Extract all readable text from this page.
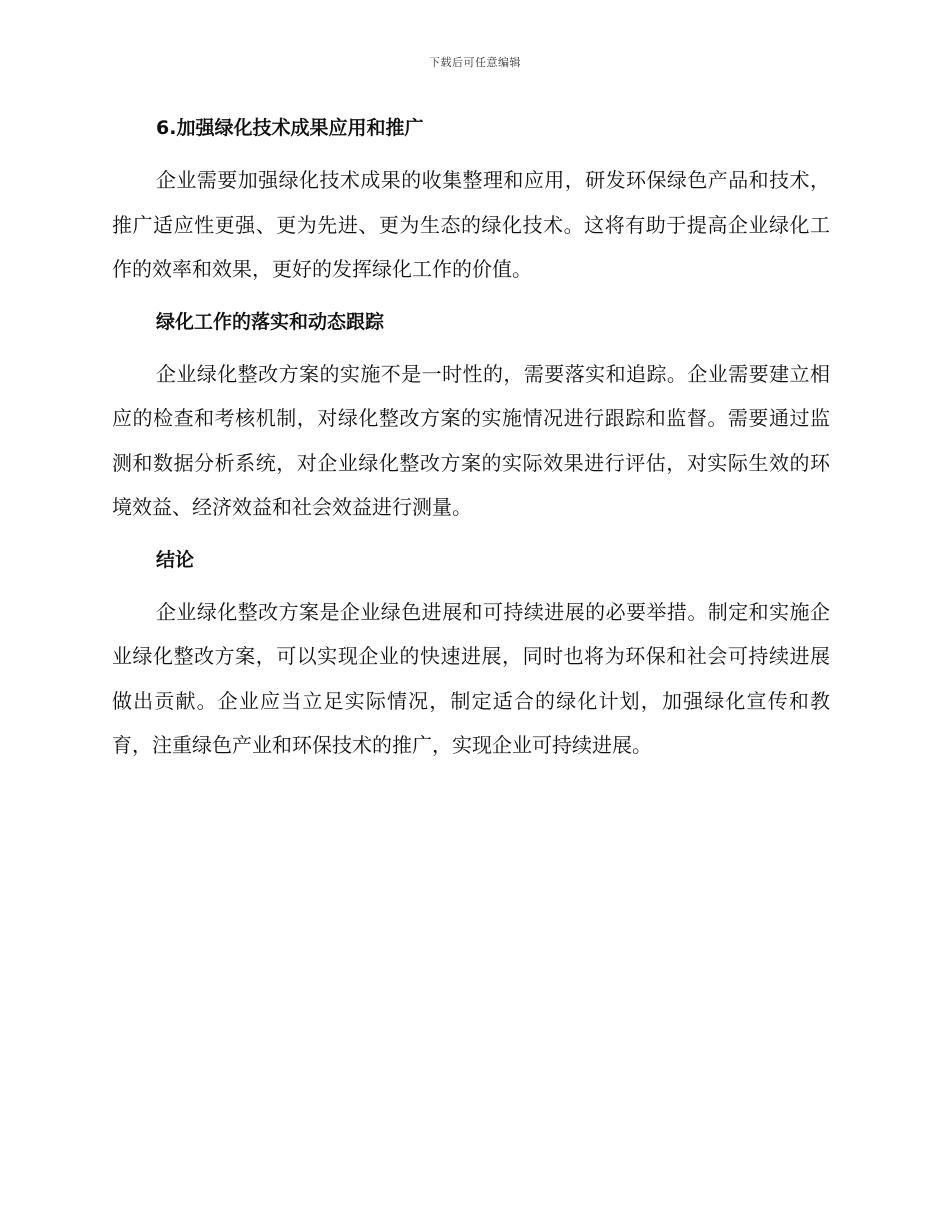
下载后可任意编辑
6.加强绿化技术成果应用和推广

企业需要加强绿化技术成果的收集整理和应用，研发环保绿色产品和技术，推广适应性更强、更为先进、更为生态的绿化技术。这将有助于提高企业绿化工作的效率和效果，更好的发挥绿化工作的价值。

绿化工作的落实和动态跟踪

企业绿化整改方案的实施不是一时性的，需要落实和追踪。企业需要建立相应的检查和考核机制，对绿化整改方案的实施情况进行跟踪和监督。需要通过监测和数据分析系统，对企业绿化整改方案的实际效果进行评估，对实际生效的环境效益、经济效益和社会效益进行测量。

结论

企业绿化整改方案是企业绿色进展和可持续进展的必要举措。制定和实施企业绿化整改方案，可以实现企业的快速进展，同时也将为环保和社会可持续进展做出贡献。企业应当立足实际情况，制定适合的绿化计划，加强绿化宣传和教育，注重绿色产业和环保技术的推广，实现企业可持续进展。
